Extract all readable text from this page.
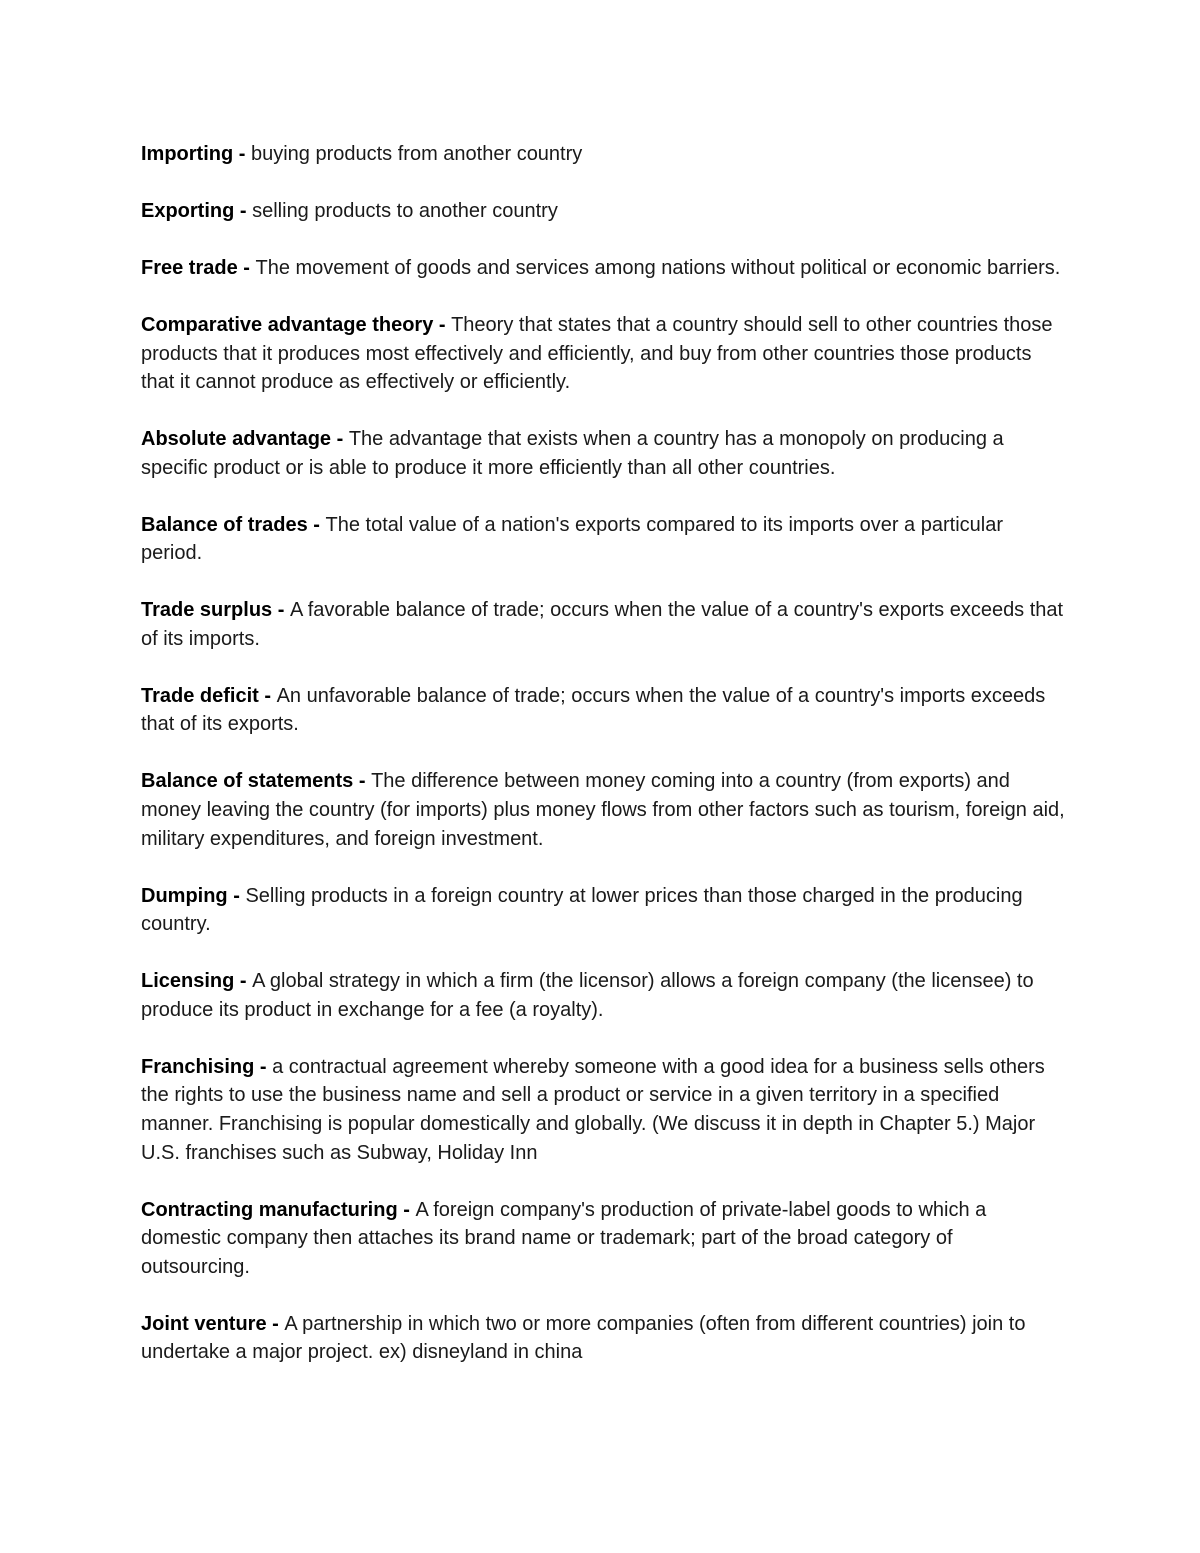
Importing - buying products from another country

Exporting - selling products to another country

Free trade - The movement of goods and services among nations without political or economic barriers.

Comparative advantage theory - Theory that states that a country should sell to other countries those products that it produces most effectively and efficiently, and buy from other countries those products that it cannot produce as effectively or efficiently.

Absolute advantage - The advantage that exists when a country has a monopoly on producing a specific product or is able to produce it more efficiently than all other countries.

Balance of trades - The total value of a nation's exports compared to its imports over a particular period.

Trade surplus - A favorable balance of trade; occurs when the value of a country's exports exceeds that of its imports.

Trade deficit - An unfavorable balance of trade; occurs when the value of a country's imports exceeds that of its exports.

Balance of statements - The difference between money coming into a country (from exports) and money leaving the country (for imports) plus money flows from other factors such as tourism, foreign aid, military expenditures, and foreign investment.

Dumping - Selling products in a foreign country at lower prices than those charged in the producing country.

Licensing - A global strategy in which a firm (the licensor) allows a foreign company (the licensee) to produce its product in exchange for a fee (a royalty).

Franchising - a contractual agreement whereby someone with a good idea for a business sells others the rights to use the business name and sell a product or service in a given territory in a specified manner. Franchising is popular domestically and globally. (We discuss it in depth in Chapter 5.) Major U.S. franchises such as Subway, Holiday Inn

Contracting manufacturing - A foreign company's production of private-label goods to which a domestic company then attaches its brand name or trademark; part of the broad category of outsourcing.

Joint venture - A partnership in which two or more companies (often from different countries) join to undertake a major project. ex) disneyland in china
